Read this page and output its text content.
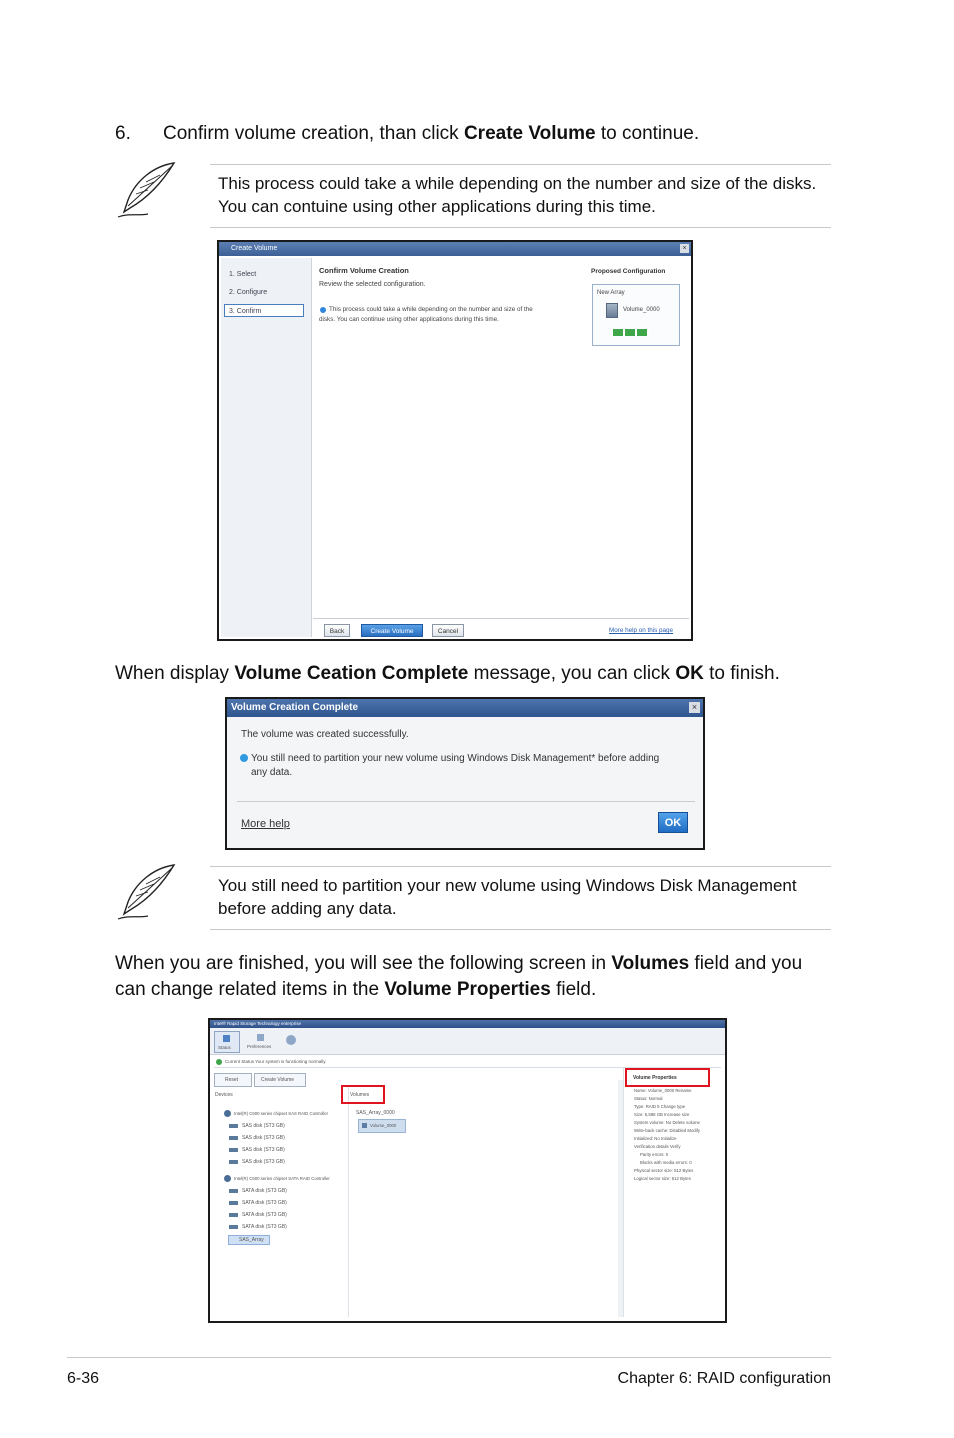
6. Confirm volume creation, than click Create Volume to continue.
This process could take a while depending on the number and size of the disks.
You can contuine using other applications during this time.
Create Volume	×
1. Select
2. Configure
3. Confirm
Confirm Volume Creation
Review the selected configuration.
This process could take a while depending on the number and size of the
disks. You can continue using other applications during this time.
Proposed Configuration
New Array
Volume_0000
Back	Create Volume	Cancel	More help on this page
When display Volume Ceation Complete message, you can click OK to finish.
Volume Creation Complete	×
The volume was created successfully.
You still need to partition your new volume using Windows Disk Management* before adding
any data.
More help	OK
You still need to partition your new volume using Windows Disk Management
before adding any data.
When you are finished, you will see the following screen in Volumes field and you
can change related items in the Volume Properties field.
Intel® Rapid Storage Technology enterprise
Status	Preferences
Current Status Your system is functioning normally.
Reset	Create Volume
Devices
Intel(R) C600 series chipset SAS RAID Controller
SAS disk (ST3 GB)
SAS disk (ST3 GB)
SAS disk (ST3 GB)
SAS disk (ST3 GB)
Intel(R) C600 series chipset SATA RAID Controller
SATA disk (ST3 GB)
SATA disk (ST3 GB)
SATA disk (ST3 GB)
SATA disk (ST3 GB)
SAS_Array
Volumes
SAS_Array_0000
Volume_0000
Volume Properties
Name: Volume_0000 Rename
Status: Normal
Type: RAID 5 Change type
Size: 5,588 GB Increase size
System volume: No Delete volume
Write-back cache: Disabled Modify
Initialized: No Initialize
Verification details Verify
Parity errors: 0
Blocks with media errors: 0
Physical sector size: 512 Bytes
Logical sector size: 512 Bytes
6-36	Chapter 6: RAID configuration
